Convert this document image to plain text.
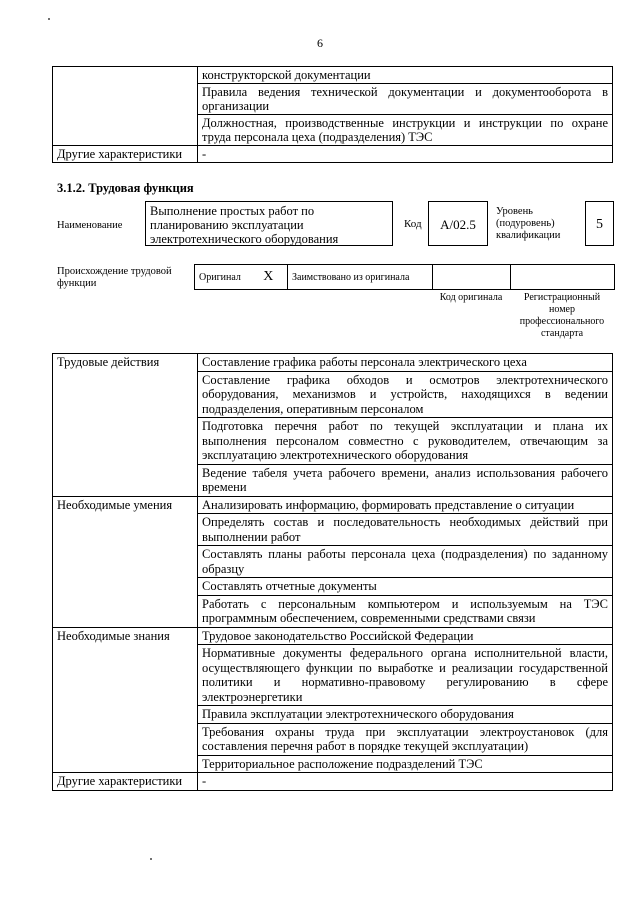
6
	конструкторской документации
	Правила ведения технической документации и документооборота в организации
	Должностная, производственные инструкции и инструкции по охране труда персонала цеха (подразделения) ТЭС
Другие характеристики	-
3.1.2. Трудовая функция
Наименование
Выполнение простых работ по планированию эксплуатации электротехнического оборудования
Код	A/02.5
Уровень (подуровень) квалификации
5
Происхождение трудовой функции
Оригинал	X	Заимствовано из оригинала		
Код оригинала	Регистрационный номер профессионального стандарта
Трудовые действия	Составление графика работы персонала электрического цеха
	Составление графика обходов и осмотров электротехнического оборудования, механизмов и устройств, находящихся в ведении подразделения, оперативным персоналом
	Подготовка перечня работ по текущей эксплуатации и плана их выполнения персоналом совместно с руководителем, отвечающим за эксплуатацию электротехнического оборудования
	Ведение табеля учета рабочего времени, анализ использования рабочего времени
Необходимые умения	Анализировать информацию, формировать представление о ситуации
	Определять состав и последовательность необходимых действий при выполнении работ
	Составлять планы работы персонала цеха (подразделения) по заданному образцу
	Составлять отчетные документы
	Работать с персональным компьютером и используемым на ТЭС программным обеспечением, современными средствами связи
Необходимые знания	Трудовое законодательство Российской Федерации
	Нормативные документы федерального органа исполнительной власти, осуществляющего функции по выработке и реализации государственной политики и нормативно-правовому регулированию в сфере электроэнергетики
	Правила эксплуатации электротехнического оборудования
	Требования охраны труда при эксплуатации электроустановок (для составления перечня работ в порядке текущей эксплуатации)
	Территориальное расположение подразделений ТЭС
Другие характеристики	-
